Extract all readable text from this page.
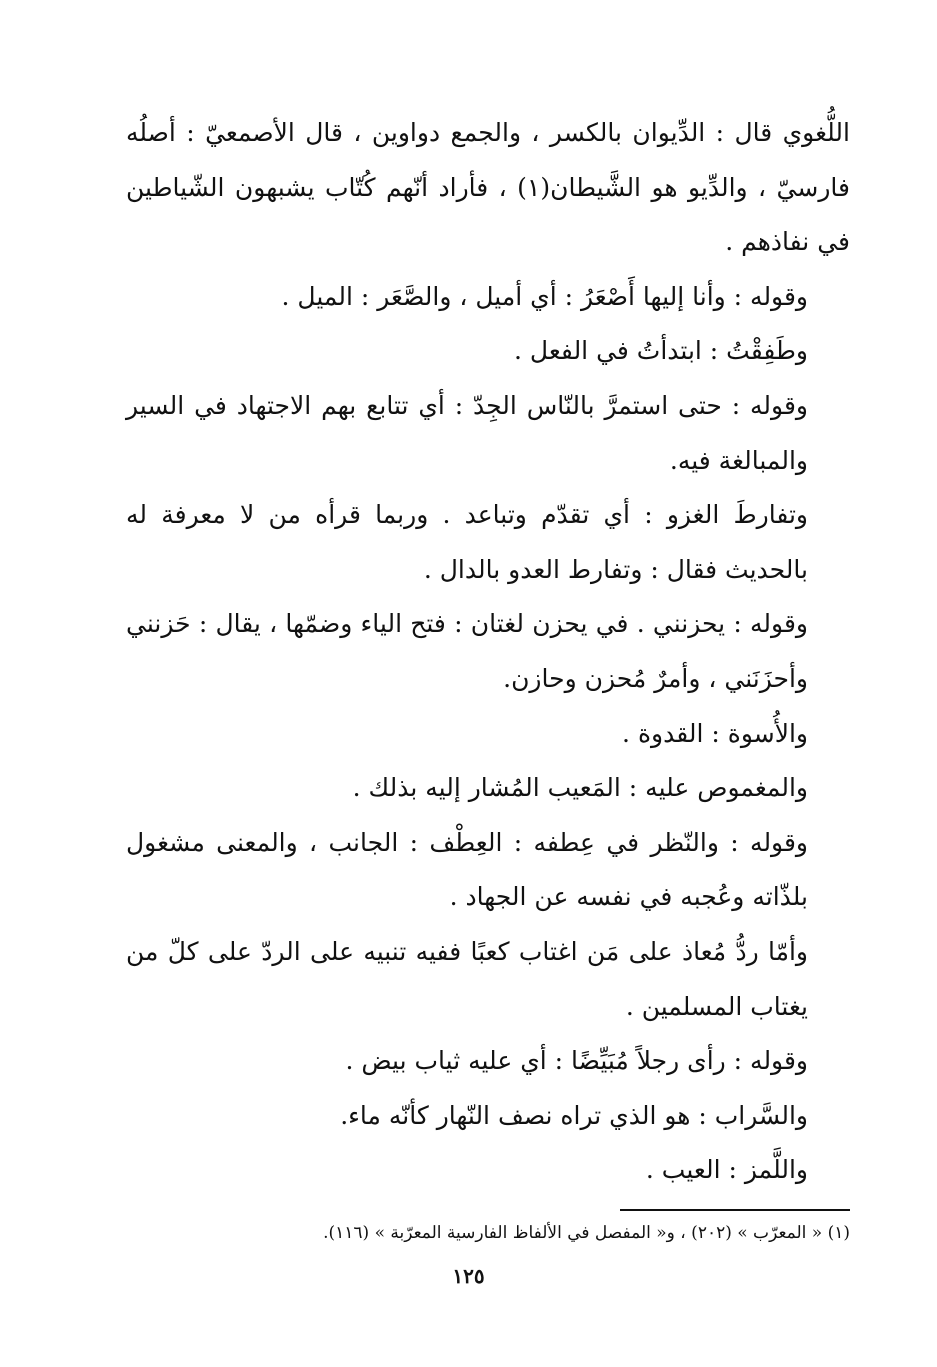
اللُّغوي قال : الدِّيوان بالكسر ، والجمع دواوين ، قال الأصمعيّ : أصلُه فارسيّ ، والدِّيو هو الشَّيطان(١) ، فأراد أنّهم كُتّاب يشبهون الشّياطين في نفاذهم .

وقوله : وأنا إليها أَصْعَرُ : أي أميل ، والصَّعَر : الميل .

وطَفِقْتُ : ابتدأتُ في الفعل .

وقوله : حتى استمرَّ بالنّاس الجِدّ : أي تتابع بهم الاجتهاد في السير والمبالغة فيه.

وتفارطَ الغزو : أي تقدّم وتباعد . وربما قرأه من لا معرفة له بالحديث فقال : وتفارط العدو بالدال .

وقوله : يحزنني . في يحزن لغتان : فتح الياء وضمّها ، يقال : حَزنني وأحزَنَني ، وأمرٌ مُحزن وحازن.

والأُسوة : القدوة .

والمغموص عليه : المَعيب المُشار إليه بذلك .

وقوله : والنّظر في عِطفه : العِطْف : الجانب ، والمعنى مشغول بلذّاته وعُجبه في نفسه عن الجهاد .

وأمّا ردُّ مُعاذ على مَن اغتاب كعبًا ففيه تنبيه على الردّ على كلّ من يغتاب المسلمين .

وقوله : رأى رجلاً مُبَيِّضًا : أي عليه ثياب بيض .

والسَّراب : هو الذي تراه نصف النّهار كأنّه ماء.

واللَّمز : العيب .

(١) « المعرّب » (٢٠٢) ، و« المفصل في الألفاظ الفارسية المعرّبة » (١١٦).
١٢٥
